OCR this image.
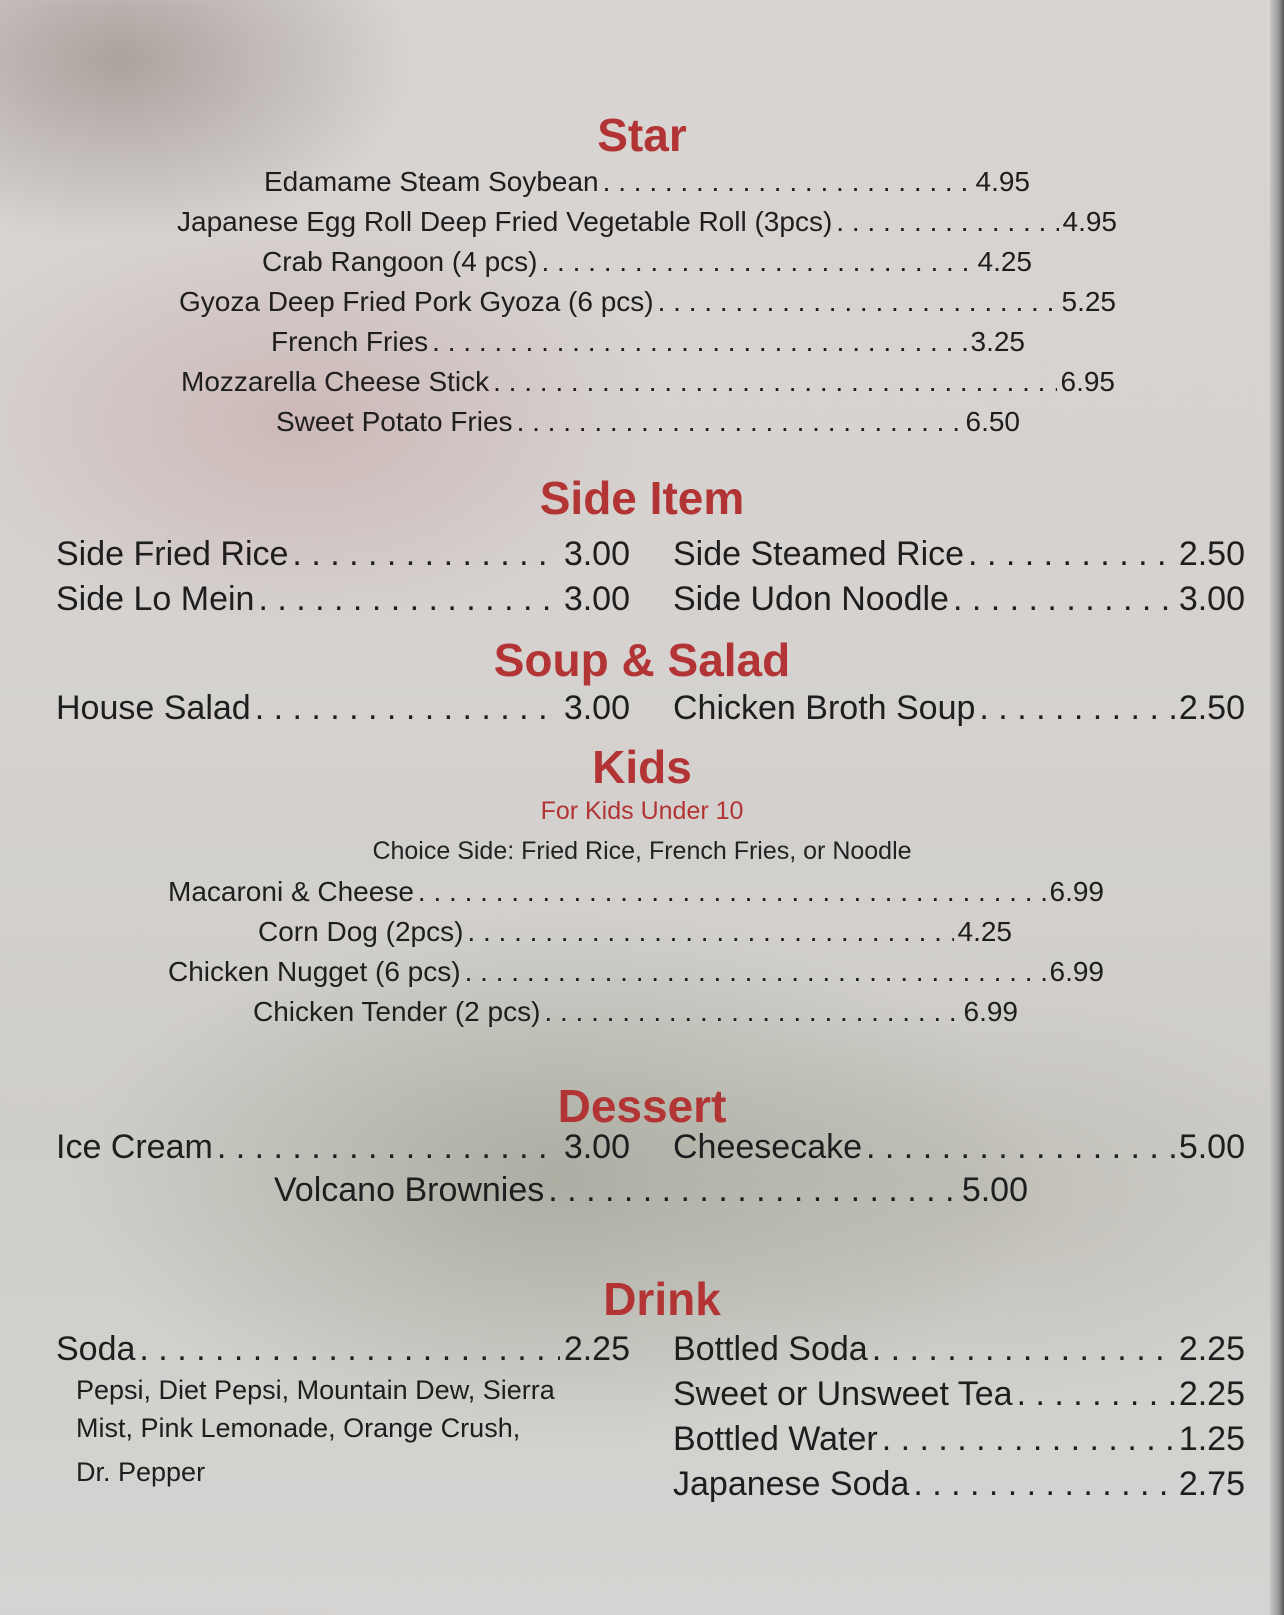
Star
Edamame Steam Soybean . . .	4.95
Japanese Egg Roll Deep Fried Vegetable Roll (3pcs) . . .	4.95
Crab Rangoon (4 pcs) . . .	4.25
Gyoza Deep Fried Pork Gyoza (6 pcs) . . .	5.25
French Fries . . .	3.25
Mozzarella Cheese Stick . . .	6.95
Sweet Potato Fries . . .	6.50
Side Item
Side Fried Rice . . .	3.00 Side Steamed Rice . . .	2.50
Side Lo Mein . . .	3.00 Side Udon Noodle . . .	3.00
Soup & Salad
House Salad . . .	3.00 Chicken Broth Soup . . .	2.50
Kids
For Kids Under 10
Choice Side: Fried Rice, French Fries, or Noodle
Macaroni & Cheese . . .	6.99
Corn Dog (2pcs) . . .	4.25
Chicken Nugget (6 pcs) . . .	6.99
Chicken Tender (2 pcs) . . .	6.99
Dessert
Ice Cream . . .	3.00 Cheesecake . . .	5.00
Volcano Brownies . . .	5.00
Drink
Soda . . .	2.25 Bottled Soda . . .	2.25
Sweet or Unsweet Tea . . .	2.25
Bottled Water . . .	1.25
Japanese Soda . . .	2.75
Pepsi, Diet Pepsi, Mountain Dew, Sierra
Mist, Pink Lemonade, Orange Crush,
Dr. Pepper
